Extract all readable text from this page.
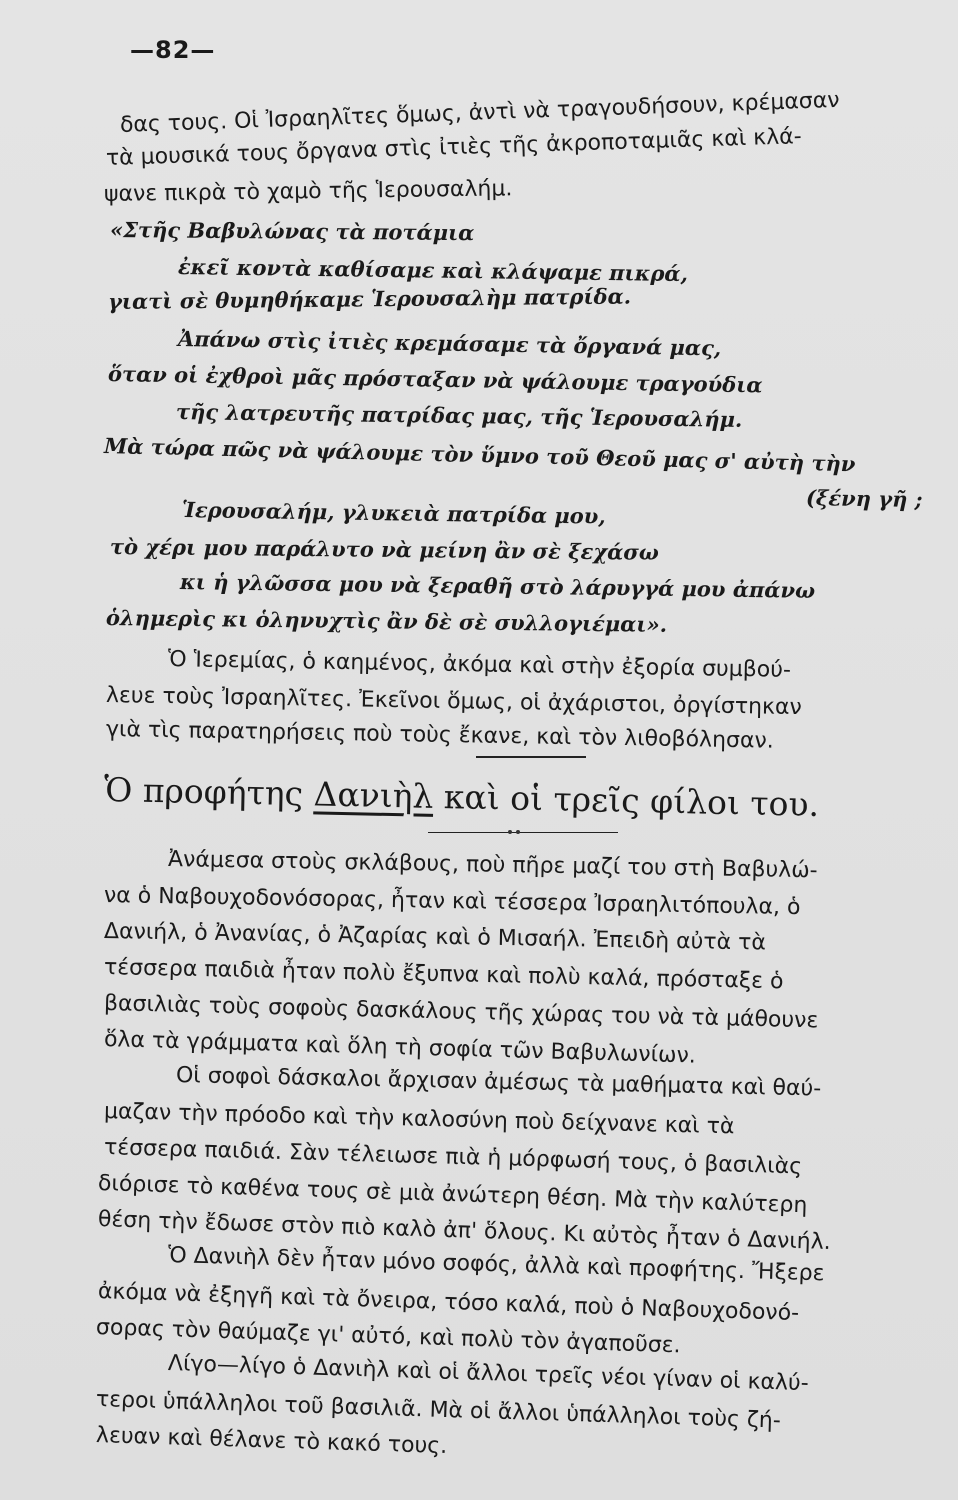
—82—
δας τους. Οἱ Ἰσραηλῖτες ὅμως, ἀντὶ νὰ τραγουδήσουν, κρέμασαν
τὰ μουσικά τους ὄργανα στὶς ἰτιὲς τῆς ἀκροποταμιᾶς καὶ κλά-
ψανε πικρὰ τὸ χαμὸ τῆς Ἱερουσαλήμ.
«Στῆς Βαβυλώνας τὰ ποτάμια
ἐκεῖ κοντὰ καθίσαμε καὶ κλάψαμε πικρά,
γιατὶ σὲ θυμηθήκαμε Ἱερουσαλὴμ πατρίδα.
Ἀπάνω στὶς ἰτιὲς κρεμάσαμε τὰ ὄργανά μας,
ὅταν οἱ ἐχθροὶ μᾶς πρόσταξαν νὰ ψάλουμε τραγούδια
τῆς λατρευτῆς πατρίδας μας, τῆς Ἱερουσαλήμ.
Μὰ τώρα πῶς νὰ ψάλουμε τὸν ὕμνο τοῦ Θεοῦ μας σ' αὐτὴ τὴν
(ξένη γῆ ;
Ἱερουσαλήμ, γλυκειὰ πατρίδα μου,
τὸ χέρι μου παράλυτο νὰ μείνη ἂν σὲ ξεχάσω
κι ἡ γλῶσσα μου νὰ ξεραθῆ στὸ λάρυγγά μου ἀπάνω
ὁλημερὶς κι ὁληνυχτὶς ἂν δὲ σὲ συλλογιέμαι».
Ὁ Ἱερεμίας, ὁ καημένος, ἀκόμα καὶ στὴν ἐξορία συμβού-
λευε τοὺς Ἰσραηλῖτες. Ἐκεῖνοι ὅμως, οἱ ἀχάριστοι, ὀργίστηκαν
γιὰ τὶς παρατηρήσεις ποὺ τοὺς ἔκανε, καὶ τὸν λιθοβόλησαν.
Ὁ προφήτης Δανιὴλ καὶ οἱ τρεῖς φίλοι του.
Ἀνάμεσα στοὺς σκλάβους, ποὺ πῆρε μαζί του στὴ Βαβυλώ-
να ὁ Ναβουχοδονόσορας, ἦταν καὶ τέσσερα Ἰσραηλιτόπουλα, ὁ
Δανιήλ, ὁ Ἀνανίας, ὁ Ἀζαρίας καὶ ὁ Μισαήλ. Ἐπειδὴ αὐτὰ τὰ
τέσσερα παιδιὰ ἦταν πολὺ ἔξυπνα καὶ πολὺ καλά, πρόσταξε ὁ
βασιλιὰς τοὺς σοφοὺς δασκάλους τῆς χώρας του νὰ τὰ μάθουνε
ὅλα τὰ γράμματα καὶ ὅλη τὴ σοφία τῶν Βαβυλωνίων.
Οἱ σοφοὶ δάσκαλοι ἄρχισαν ἀμέσως τὰ μαθήματα καὶ θαύ-
μαζαν τὴν πρόοδο καὶ τὴν καλοσύνη ποὺ δείχνανε καὶ τὰ
τέσσερα παιδιά. Σὰν τέλειωσε πιὰ ἡ μόρφωσή τους, ὁ βασιλιὰς
διόρισε τὸ καθένα τους σὲ μιὰ ἀνώτερη θέση. Μὰ τὴν καλύτερη
θέση τὴν ἔδωσε στὸν πιὸ καλὸ ἀπ' ὅλους. Κι αὐτὸς ἦταν ὁ Δανιήλ.
Ὁ Δανιὴλ δὲν ἦταν μόνο σοφός, ἀλλὰ καὶ προφήτης. Ἤξερε
ἀκόμα νὰ ἐξηγῆ καὶ τὰ ὄνειρα, τόσο καλά, ποὺ ὁ Ναβουχοδονό-
σορας τὸν θαύμαζε γι' αὐτό, καὶ πολὺ τὸν ἀγαποῦσε.
Λίγο—λίγο ὁ Δανιὴλ καὶ οἱ ἄλλοι τρεῖς νέοι γίναν οἱ καλύ-
τεροι ὑπάλληλοι τοῦ βασιλιᾶ. Μὰ οἱ ἄλλοι ὑπάλληλοι τοὺς ζή-
λευαν καὶ θέλανε τὸ κακό τους.
